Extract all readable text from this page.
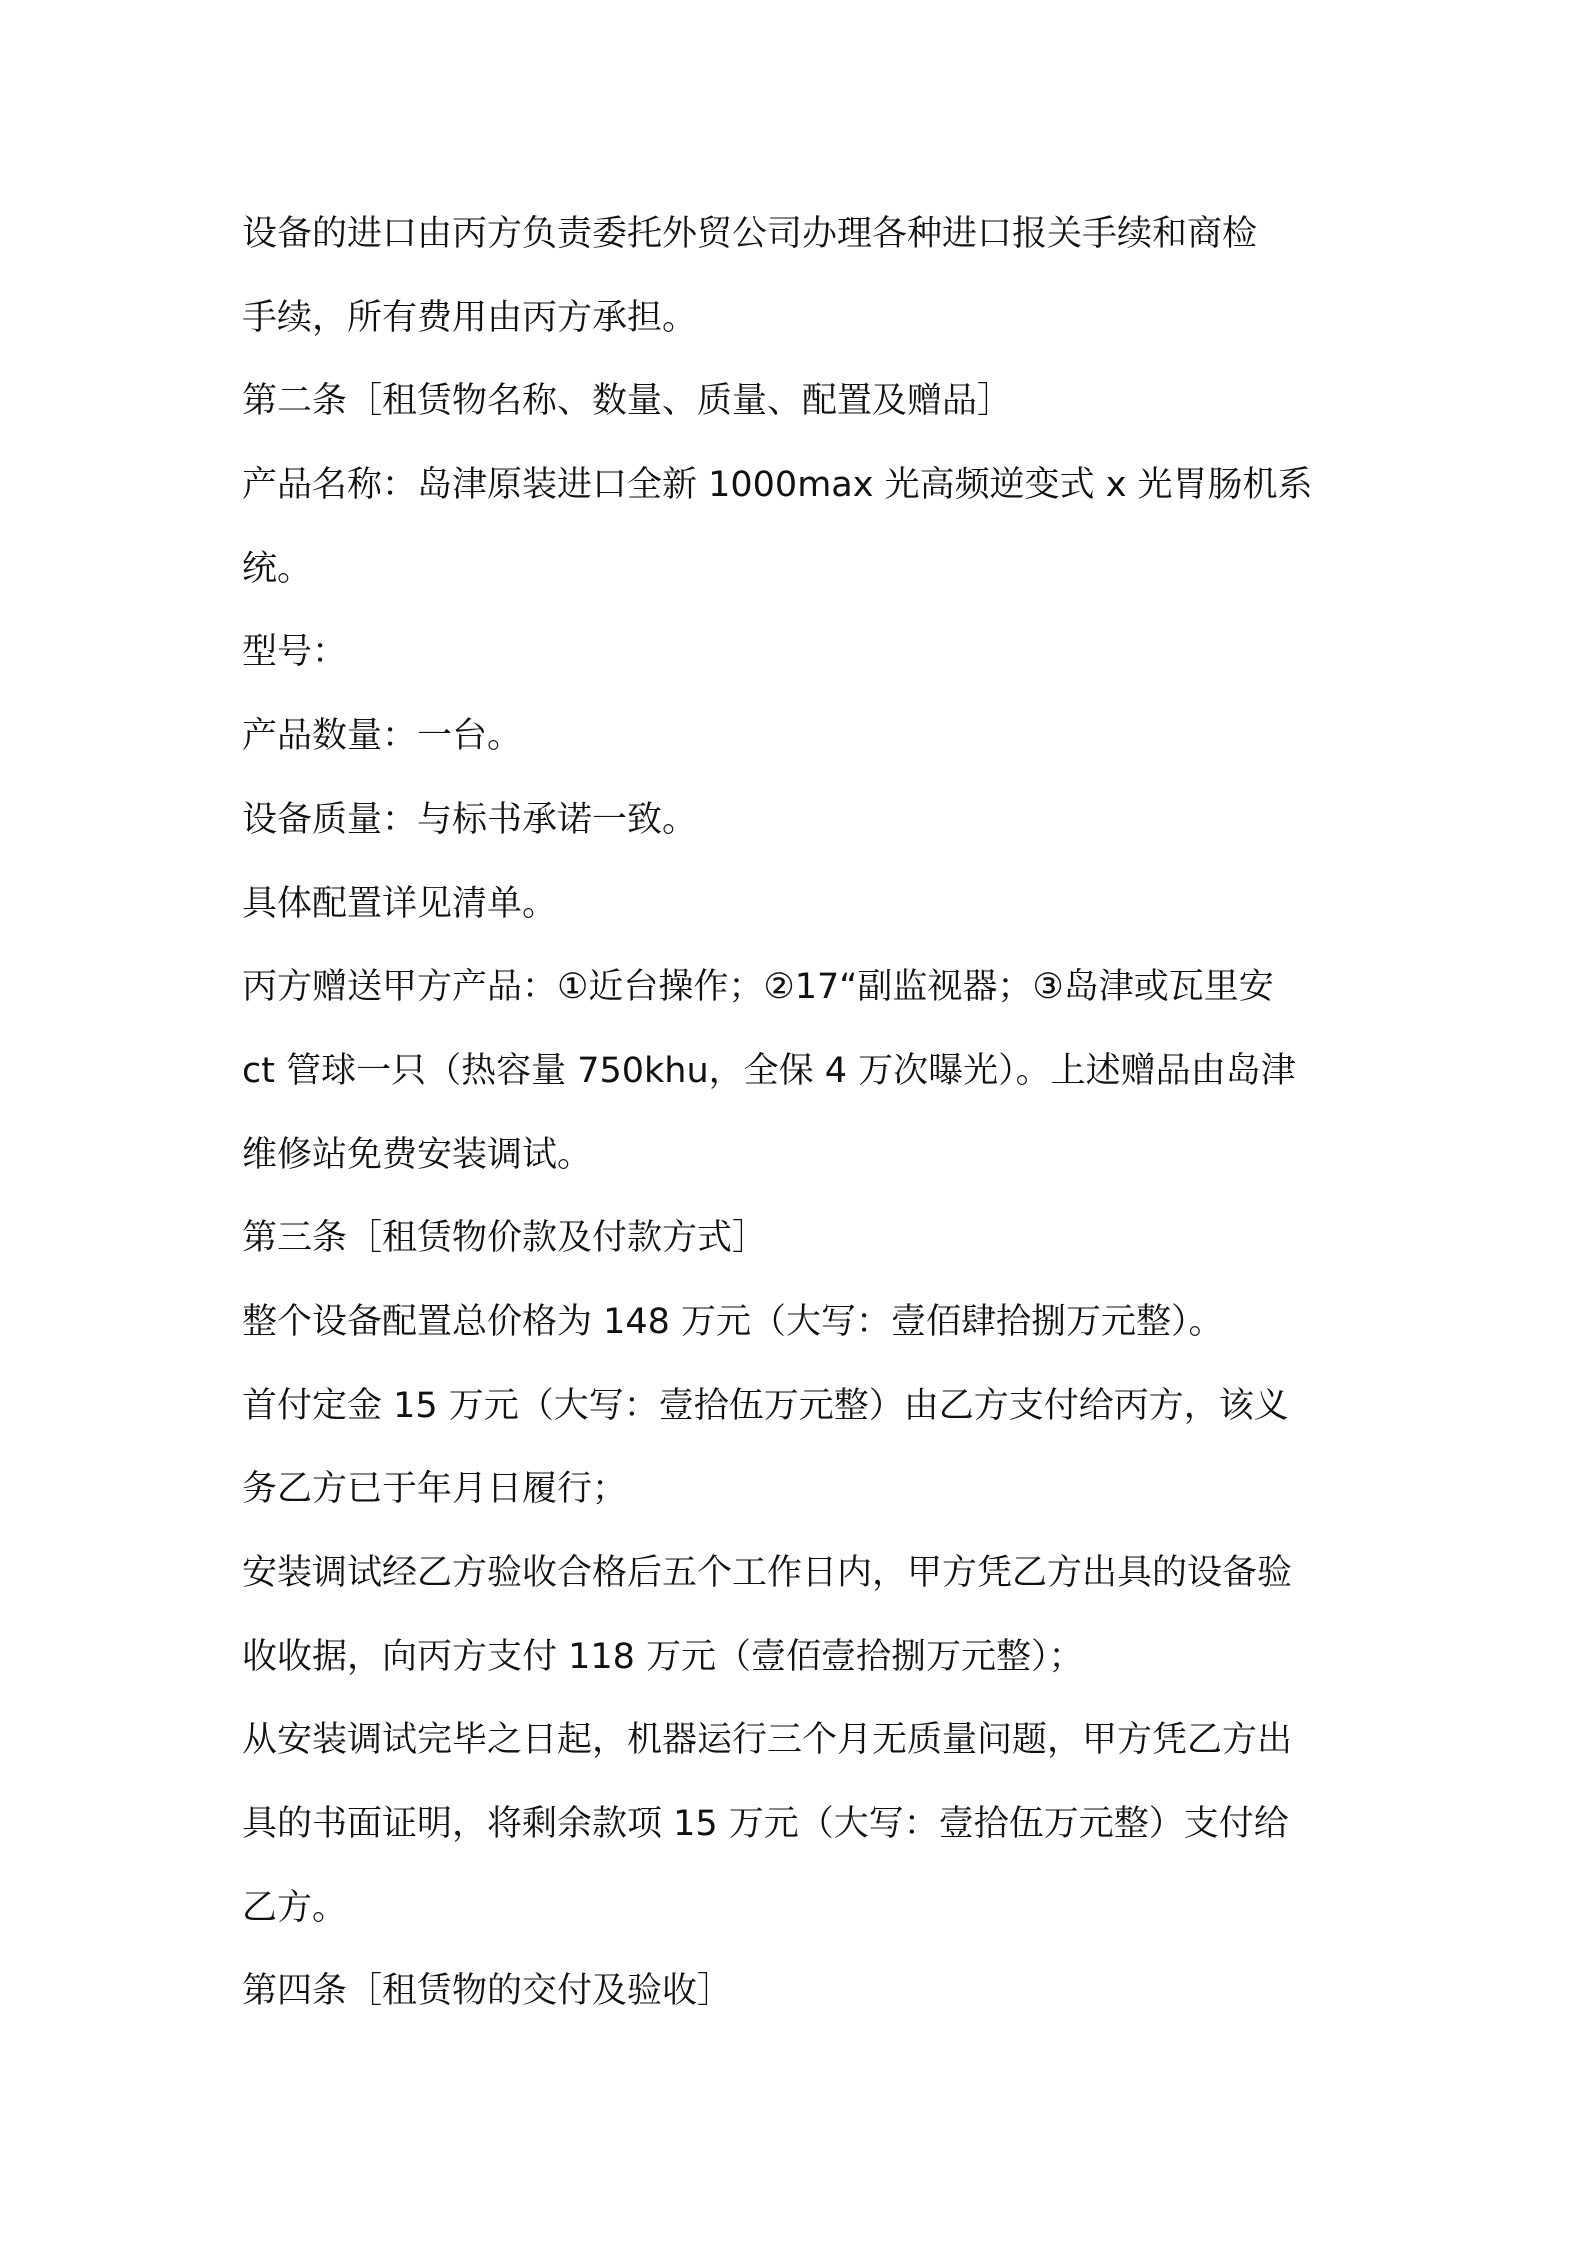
设备的进口由丙方负责委托外贸公司办理各种进口报关手续和商检
手续，所有费用由丙方承担。
第二条［租赁物名称、数量、质量、配置及赠品］
产品名称：岛津原装进口全新 1000max 光高频逆变式 x 光胃肠机系
统。
型号：
产品数量：一台。
设备质量：与标书承诺一致。
具体配置详见清单。
丙方赠送甲方产品：①近台操作；②17“副监视器；③岛津或瓦里安
ct 管球一只（热容量 750khu，全保 4 万次曝光）。上述赠品由岛津
维修站免费安装调试。
第三条［租赁物价款及付款方式］
整个设备配置总价格为 148 万元（大写：壹佰肆拾捌万元整）。
首付定金 15 万元（大写：壹拾伍万元整）由乙方支付给丙方，该义
务乙方已于年月日履行；
安装调试经乙方验收合格后五个工作日内，甲方凭乙方出具的设备验
收收据，向丙方支付 118 万元（壹佰壹拾捌万元整）；
从安装调试完毕之日起，机器运行三个月无质量问题，甲方凭乙方出
具的书面证明，将剩余款项 15 万元（大写：壹拾伍万元整）支付给
乙方。
第四条［租赁物的交付及验收］
